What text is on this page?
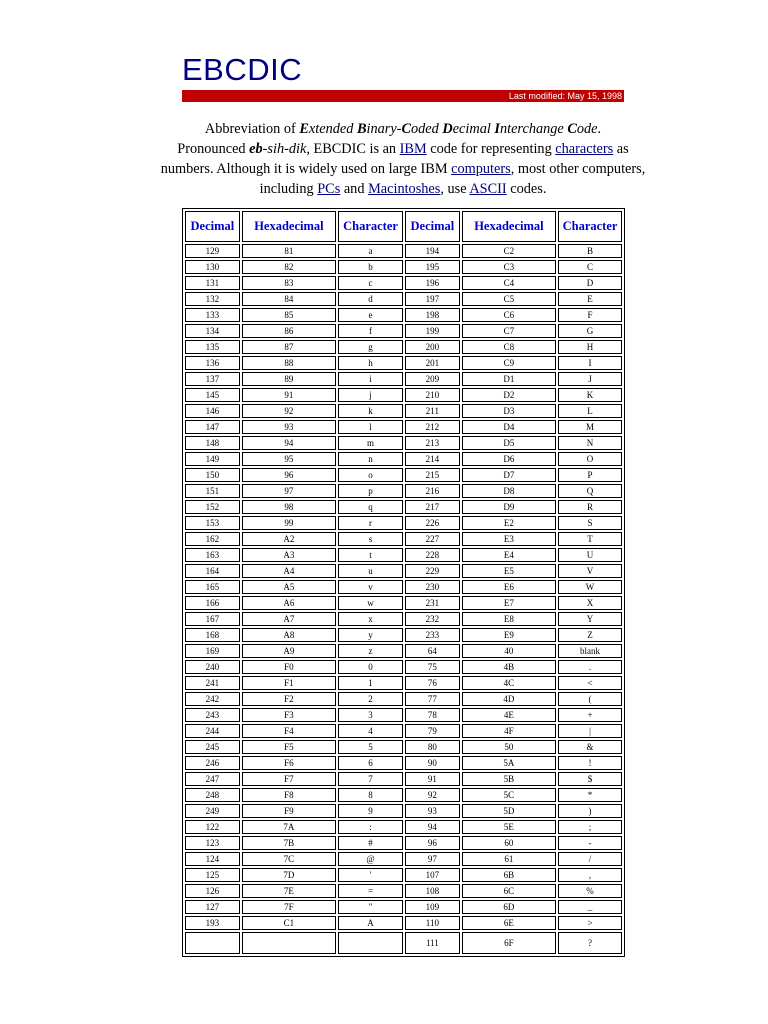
EBCDIC
Last modified: May 15, 1998
Abbreviation of Extended Binary-Coded Decimal Interchange Code.
Pronounced eb-sih-dik, EBCDIC is an IBM code for representing characters as numbers. Although it is widely used on large IBM computers, most other computers, including PCs and Macintoshes, use ASCII codes.
Decimal	Hexadecimal	Character	Decimal	Hexadecimal	Character
129	81	a	194	C2	B
130	82	b	195	C3	C
131	83	c	196	C4	D
132	84	d	197	C5	E
133	85	e	198	C6	F
134	86	f	199	C7	G
135	87	g	200	C8	H
136	88	h	201	C9	I
137	89	i	209	D1	J
145	91	j	210	D2	K
146	92	k	211	D3	L
147	93	l	212	D4	M
148	94	m	213	D5	N
149	95	n	214	D6	O
150	96	o	215	D7	P
151	97	p	216	D8	Q
152	98	q	217	D9	R
153	99	r	226	E2	S
162	A2	s	227	E3	T
163	A3	t	228	E4	U
164	A4	u	229	E5	V
165	A5	v	230	E6	W
166	A6	w	231	E7	X
167	A7	x	232	E8	Y
168	A8	y	233	E9	Z
169	A9	z	64	40	blank
240	F0	0	75	4B	.
241	F1	1	76	4C	<
242	F2	2	77	4D	(
243	F3	3	78	4E	+
244	F4	4	79	4F	|
245	F5	5	80	50	&
246	F6	6	90	5A	!
247	F7	7	91	5B	$
248	F8	8	92	5C	*
249	F9	9	93	5D	)
122	7A	:	94	5E	;
123	7B	#	96	60	-
124	7C	@	97	61	/
125	7D	'	107	6B	,
126	7E	=	108	6C	%
127	7F	"	109	6D	_
193	C1	A	110	6E	>
			111	6F	?
